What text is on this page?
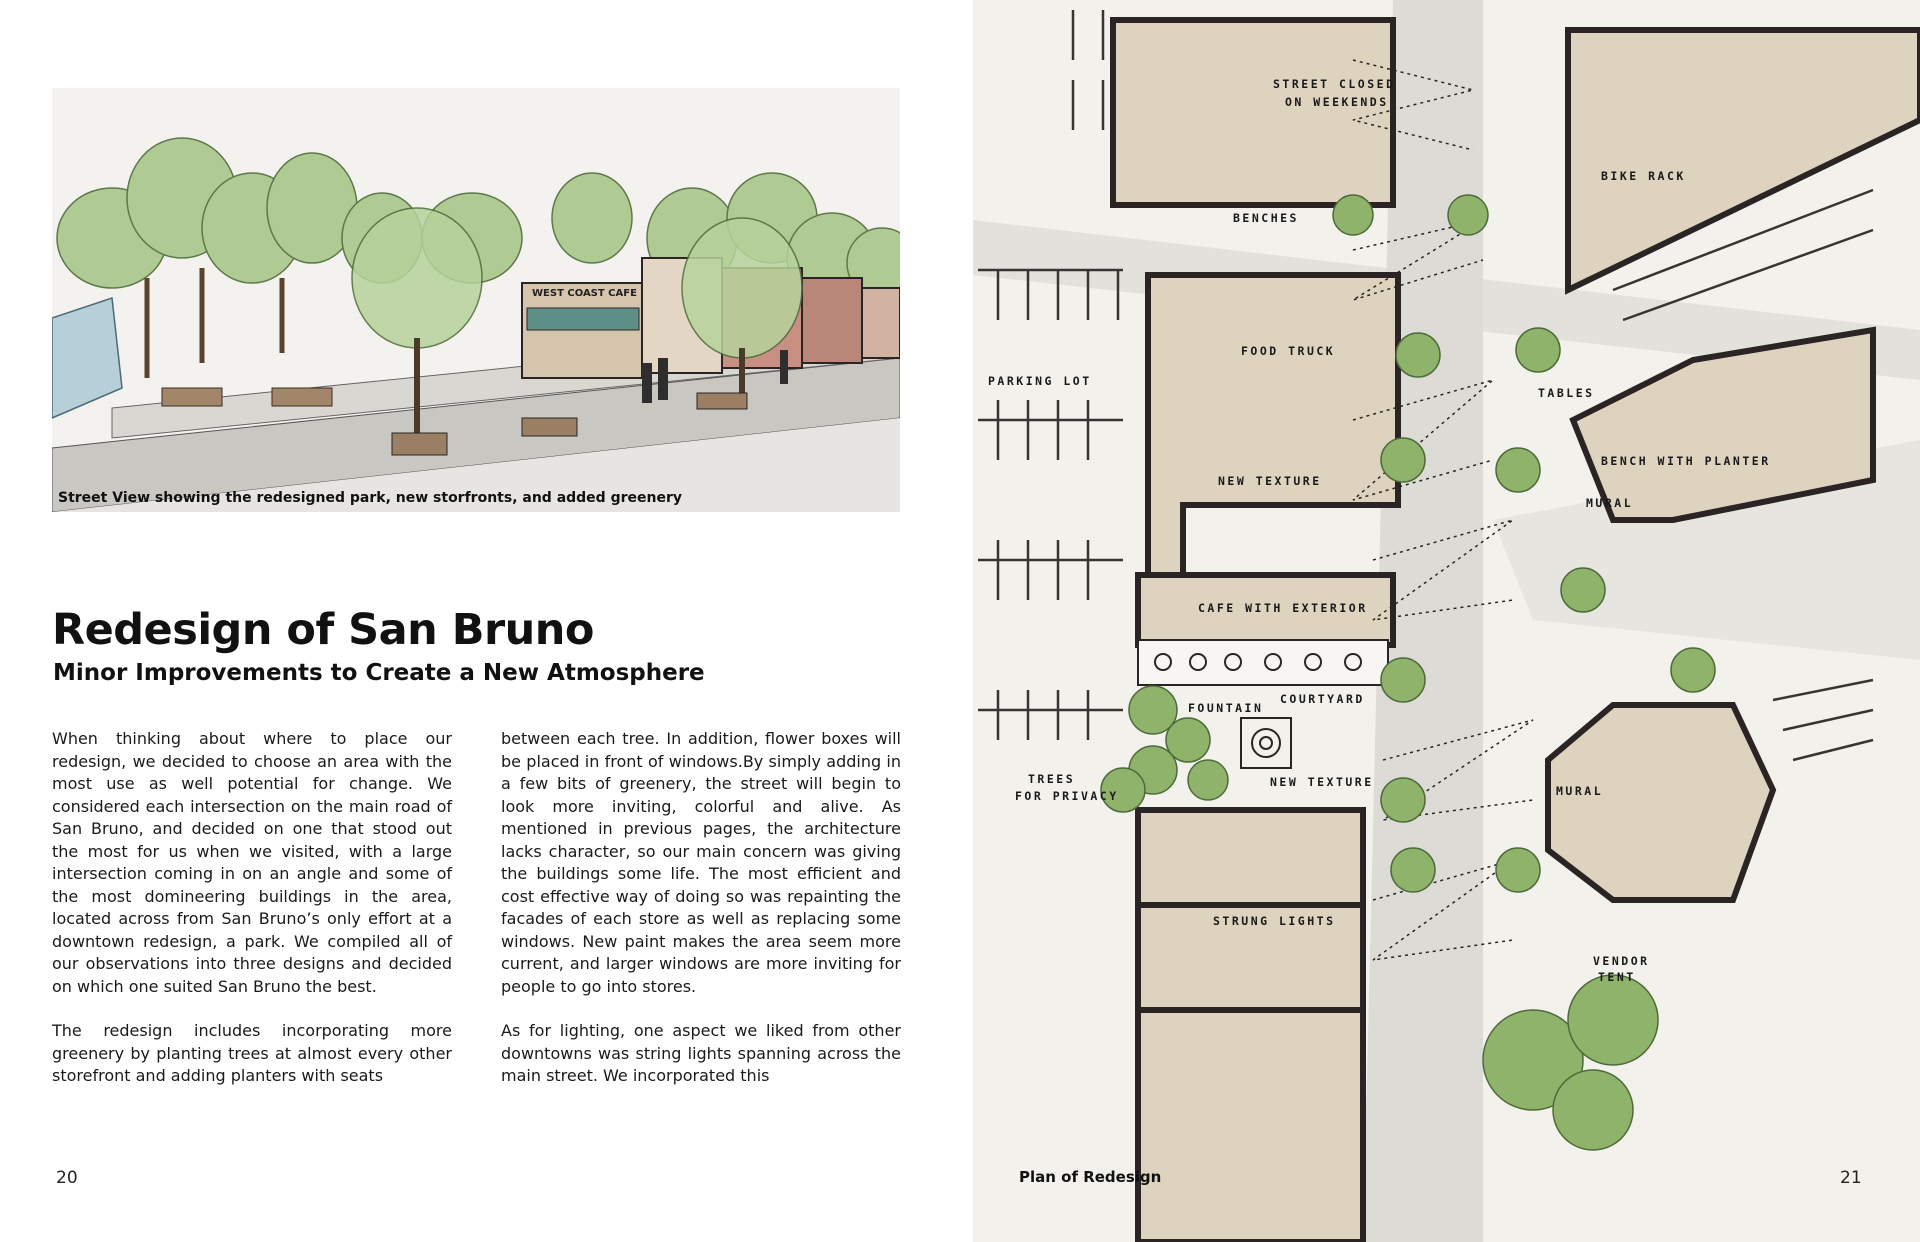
WEST COAST CAFE
Street View showing the redesigned park, new storfronts, and added greenery
Redesign of San Bruno
Minor Improvements to Create a New Atmosphere

When thinking about where to place our redesign, we decided to choose an area with the most use as well potential for change. We considered each intersection on the main road of San Bruno, and decided on one that stood out the most for us when we visited, with a large intersection coming in on an angle and some of the most domineering buildings in the area, located across from San Bruno’s only effort at a downtown redesign, a park. We compiled all of our observations into three designs and decided on which one suited San Bruno the best.

The redesign includes incorporating more greenery by planting trees at almost every other storefront and adding planters with seats

between each tree. In addition, flower boxes will be placed in front of windows.By simply adding in a few bits of greenery, the street will begin to look more inviting, colorful and alive. As mentioned in previous pages, the architecture lacks character, so our main concern was giving the buildings some life. The most efficient and cost effective way of doing so was repainting the facades of each store as well as replacing some windows. New paint makes the area seem more current, and larger windows are more inviting for people to go into stores.

As for lighting, one aspect we liked from other downtowns was string lights spanning across the main street. We incorporated this

20
STREET CLOSED
ON WEEKENDS
BIKE RACK
BENCHES
PARKING LOT
FOOD TRUCK
TABLES
BENCH WITH PLANTER
NEW TEXTURE
MURAL
CAFE WITH EXTERIOR
COURTYARD
FOUNTAIN
TREES
FOR PRIVACY
NEW TEXTURE
MURAL
STRUNG LIGHTS
VENDOR
TENT
Plan of Redesign	21
